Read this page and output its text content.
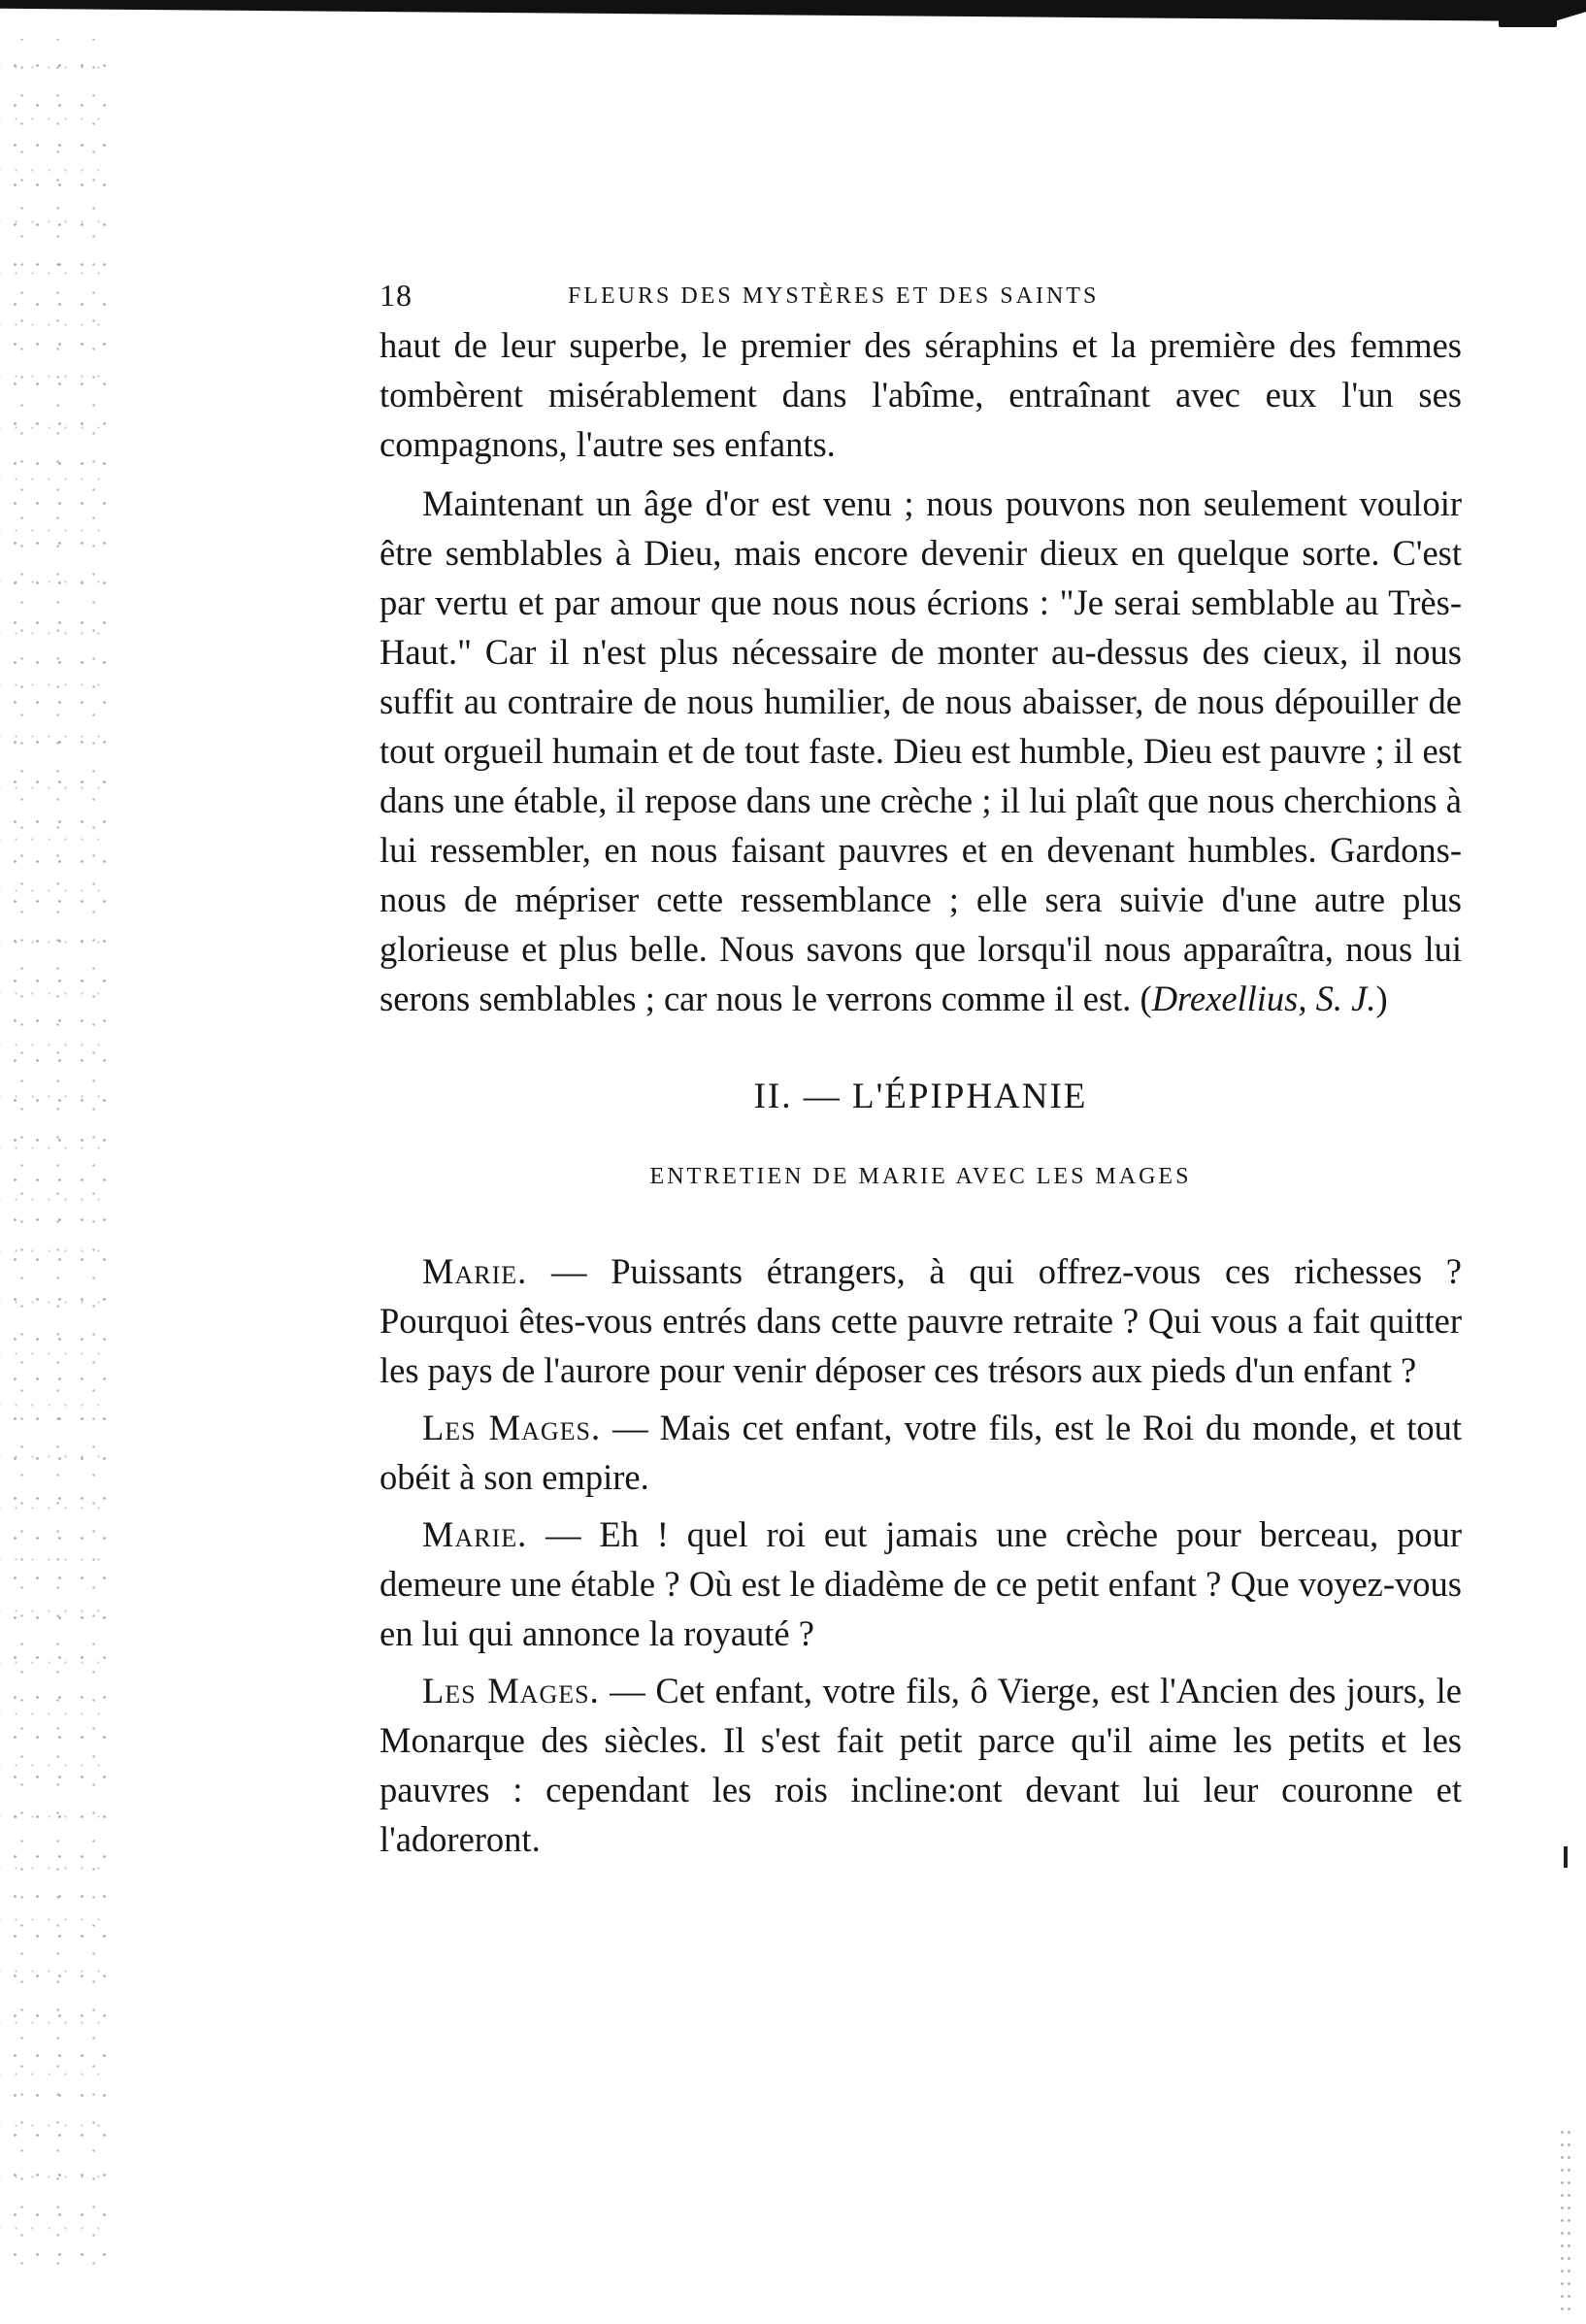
18	FLEURS DES MYSTÈRES ET DES SAINTS

haut de leur superbe, le premier des séraphins et la première des femmes tombèrent misérablement dans l'abîme, entraînant avec eux l'un ses compagnons, l'autre ses enfants.

Maintenant un âge d'or est venu ; nous pouvons non seulement vouloir être semblables à Dieu, mais encore devenir dieux en quelque sorte. C'est par vertu et par amour que nous nous écrions : "Je serai semblable au Très-Haut." Car il n'est plus nécessaire de monter au-dessus des cieux, il nous suffit au contraire de nous humilier, de nous abaisser, de nous dépouiller de tout orgueil humain et de tout faste. Dieu est humble, Dieu est pauvre ; il est dans une étable, il repose dans une crèche ; il lui plaît que nous cherchions à lui ressembler, en nous faisant pauvres et en devenant humbles. Gardons-nous de mépriser cette ressemblance ; elle sera suivie d'une autre plus glorieuse et plus belle. Nous savons que lorsqu'il nous apparaîtra, nous lui serons semblables ; car nous le verrons comme il est. (Drexellius, S. J.)

II. — L'ÉPIPHANIE
ENTRETIEN DE MARIE AVEC LES MAGES

Marie. — Puissants étrangers, à qui offrez-vous ces richesses ? Pourquoi êtes-vous entrés dans cette pauvre retraite ? Qui vous a fait quitter les pays de l'aurore pour venir déposer ces trésors aux pieds d'un enfant ?

Les Mages. — Mais cet enfant, votre fils, est le Roi du monde, et tout obéit à son empire.

Marie. — Eh ! quel roi eut jamais une crèche pour berceau, pour demeure une étable ? Où est le diadème de ce petit enfant ? Que voyez-vous en lui qui annonce la royauté ?

Les Mages. — Cet enfant, votre fils, ô Vierge, est l'Ancien des jours, le Monarque des siècles. Il s'est fait petit parce qu'il aime les petits et les pauvres : cependant les rois incline:ont devant lui leur couronne et l'adoreront.
